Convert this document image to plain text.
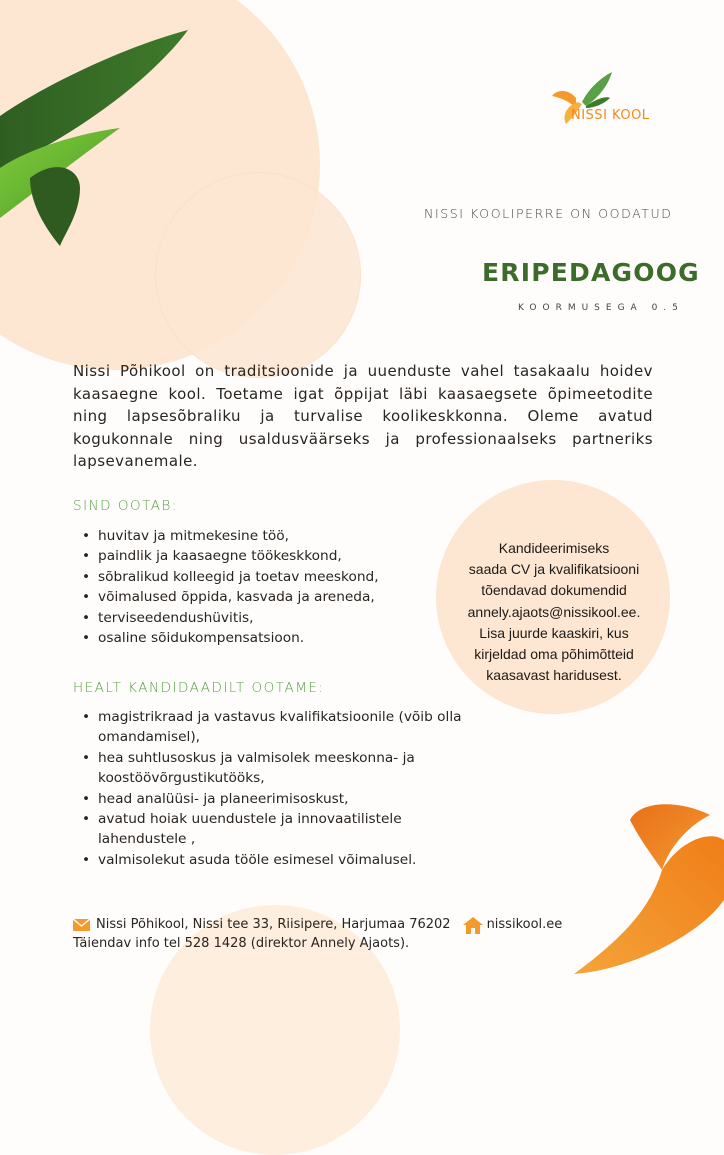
NISSI KOOL
NISSI KOOLIPERRE ON OODATUD
ERIPEDAGOOG
KOORMUSEGA 0.5
Nissi Põhikool on traditsioonide ja uuenduste vahel tasakaalu hoidev kaasaegne kool. Toetame igat õppijat läbi kaasaegsete õpimeetodite ning lapsesõbraliku ja turvalise koolikeskkonna. Oleme avatud kogukonnale ning usaldusväärseks ja professionaalseks partneriks lapsevanemale.
SIND OOTAB:
• huvitav ja mitmekesine töö,
• paindlik ja kaasaegne töökeskkond,
• sõbralikud kolleegid ja toetav meeskond,
• võimalused õppida, kasvada ja areneda,
• terviseedendushüvitis,
• osaline sõidukompensatsioon.
HEALT KANDIDAADILT OOTAME:
• magistrikraad ja vastavus kvalifikatsioonile (võib olla omandamisel),
• hea suhtlusoskus ja valmisolek meeskonna- ja koostöövõrgustikutööks,
• head analüüsi- ja planeerimisoskust,
• avatud hoiak uuendustele ja innovaatilistele lahendustele ,
• valmisolekut asuda tööle esimesel võimalusel.
Kandideerimiseks
saada CV ja kvalifikatsiooni
tõendavad dokumendid
annely.ajaots@nissikool.ee.
Lisa juurde kaaskiri, kus
kirjeldad oma põhimõtteid
kaasavast haridusest.
Nissi Põhikool, Nissi tee 33, Riisipere, Harjumaa 76202	nissikool.ee
Täiendav info tel 528 1428 (direktor Annely Ajaots).
